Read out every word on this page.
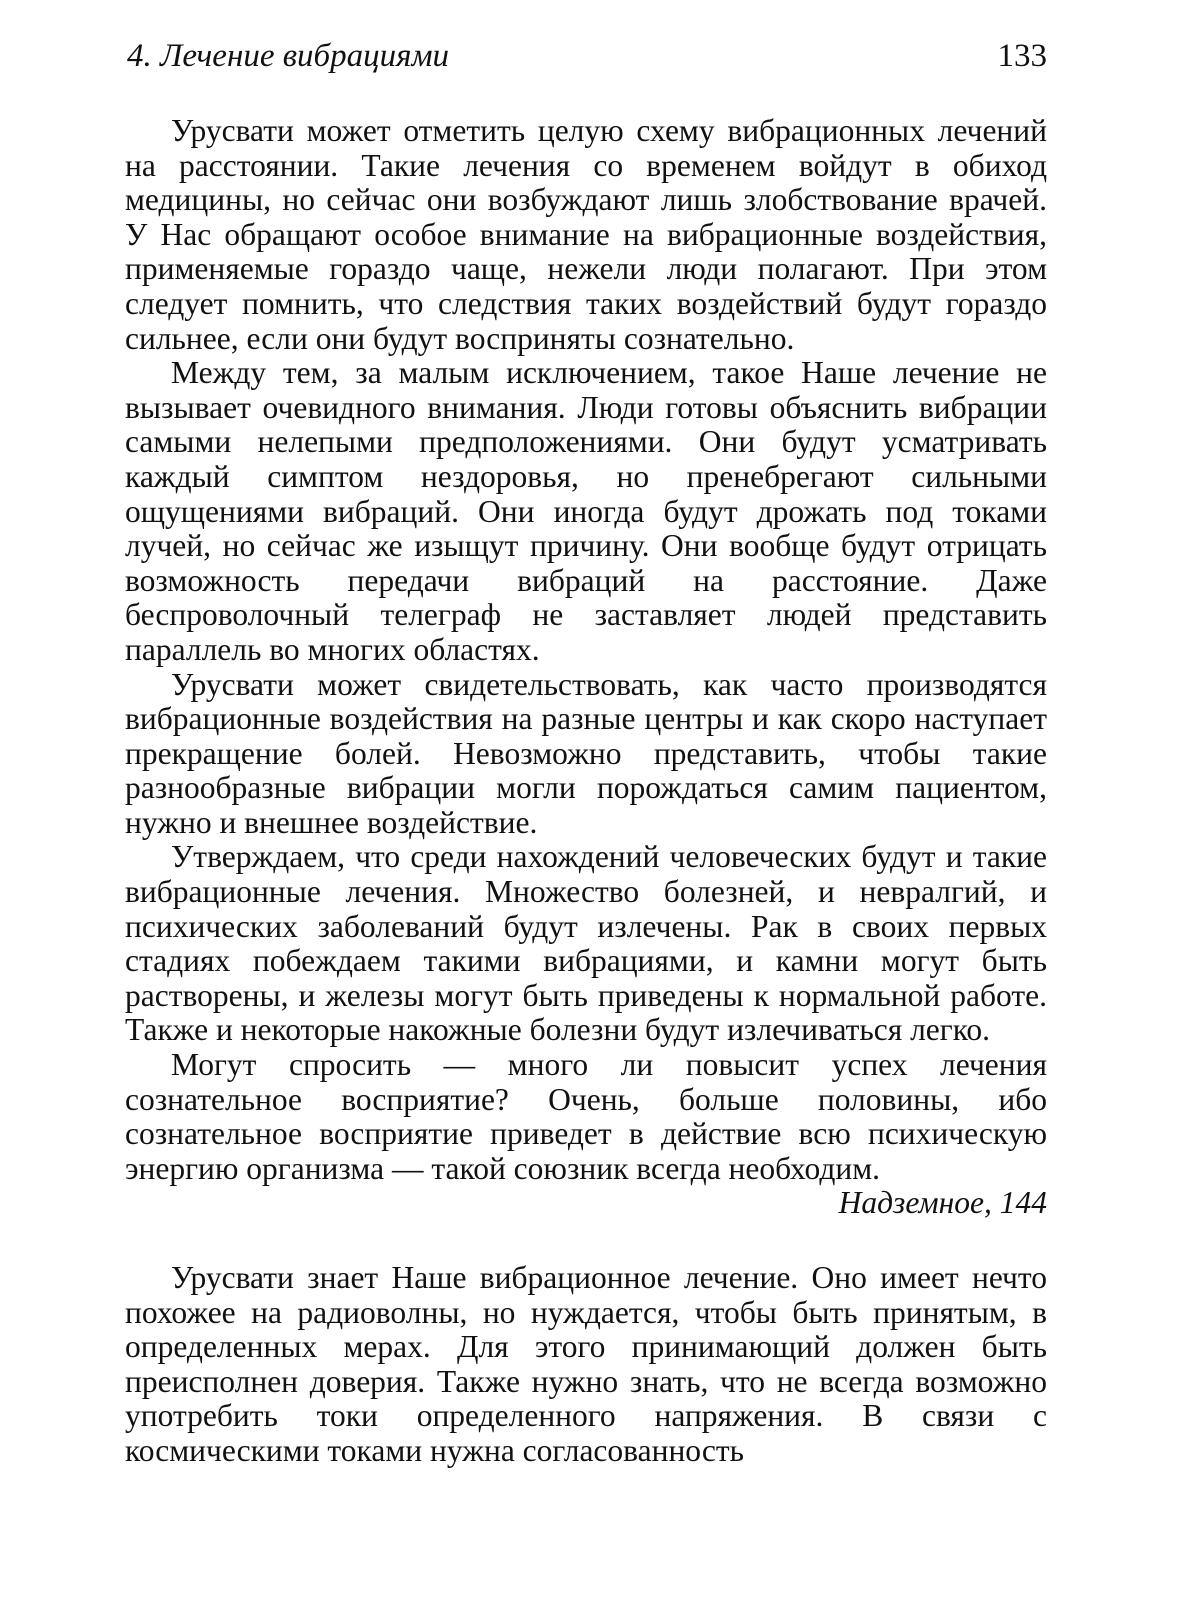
4. Лечение вибрациями	133

Урусвати может отметить целую схему вибрационных лечений на расстоянии. Такие лечения со временем войдут в обиход медицины, но сейчас они возбуждают лишь злобствование врачей. У Нас обращают особое внимание на вибрационные воздействия, применяемые гораздо чаще, нежели люди полагают. При этом следует помнить, что следствия таких воздействий будут гораздо сильнее, если они будут восприняты сознательно.

Между тем, за малым исключением, такое Наше лечение не вызывает очевидного внимания. Люди готовы объяснить вибрации самыми нелепыми предположениями. Они будут усматривать каждый симптом нездоровья, но пренебрегают сильными ощущениями вибраций. Они иногда будут дрожать под токами лучей, но сейчас же изыщут причину. Они вообще будут отрицать возможность передачи вибраций на расстояние. Даже беспроволочный телеграф не заставляет людей представить параллель во многих областях.

Урусвати может свидетельствовать, как часто производятся вибрационные воздействия на разные центры и как скоро наступает прекращение болей. Невозможно представить, чтобы такие разнообразные вибрации могли порождаться самим пациентом, нужно и внешнее воздействие.

Утверждаем, что среди нахождений человеческих будут и такие вибрационные лечения. Множество болезней, и невралгий, и психических заболеваний будут излечены. Рак в своих первых стадиях побеждаем такими вибрациями, и камни могут быть растворены, и железы могут быть приведены к нормальной работе. Также и некоторые накожные болезни будут излечиваться легко.

Могут спросить — много ли повысит успех лечения сознательное восприятие? Очень, больше половины, ибо сознательное восприятие приведет в действие всю психическую энергию организма — такой союзник всегда необходим.

Надземное, 144

Урусвати знает Наше вибрационное лечение. Оно имеет нечто похожее на радиоволны, но нуждается, чтобы быть принятым, в определенных мерах. Для этого принимающий должен быть преисполнен доверия. Также нужно знать, что не всегда возможно употребить токи определенного напряжения. В связи с космическими токами нужна согласованность
